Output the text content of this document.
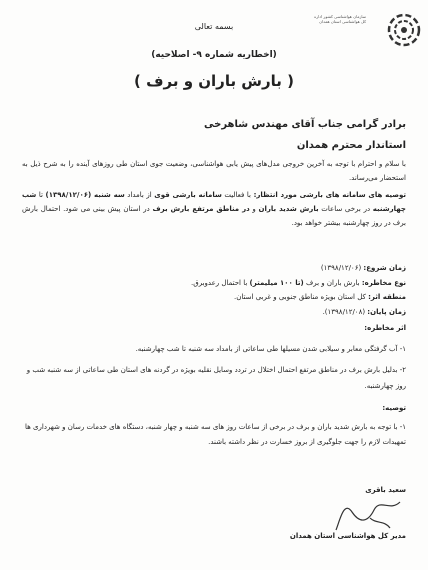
سازمان هواشناسی کشور اداره کل هواشناسی استان همدان
بسمه تعالی
(اخطاریه شماره ۹- اصلاحیه)
( بارش باران و برف )
برادر گرامی جناب آقای مهندس شاهرخی
استاندار محترم همدان
با سلام و احترام با توجه به آخرین خروجی مدل‌های پیش یابی هواشناسی، وضعیت جوی استان طی روزهای آینده را به شرح ذیل به استحضار می‌رساند.
توصیه های سامانه های بارشی مورد انتظار: با فعالیت سامانه بارشی قوی از بامداد سه شنبه (۱۳۹۸/۱۲/۰۶) تا شب چهارشنبه در برخی ساعات بارش شدید باران و در مناطق مرتفع بارش برف در استان پیش بینی می شود. احتمال بارش برف در روز چهارشنبه بیشتر خواهد بود.
زمان شروع: (۱۳۹۸/۱۲/۰۶)
نوع مخاطره: بارش باران و برف (تا ۱۰۰ میلیمتر) با احتمال رعدوبرق.
منطقه اثر: کل استان بویژه مناطق جنوبی و غربی استان.
زمان پایان: (۱۳۹۸/۱۲/۰۸).
اثر مخاطره:
۱- آب گرفتگی معابر و سیلابی شدن مسیلها طی ساعاتی از بامداد سه شنبه تا شب چهارشنبه.
۲- بدلیل بارش برف در مناطق مرتفع احتمال اختلال در تردد وسایل نقلیه بویژه در گردنه های استان طی ساعاتی از سه شنبه شب و روز چهارشنبه.
توصیه:
۱- با توجه به بارش شدید باران و برف در برخی از ساعات روز های سه شنبه و چهار شنبه، دستگاه های خدمات رسان و شهرداری ها تمهیدات لازم را جهت جلوگیری از بروز خسارت در نظر داشته باشند.
سعید باقری
مدیر کل هواشناسی استان همدان
